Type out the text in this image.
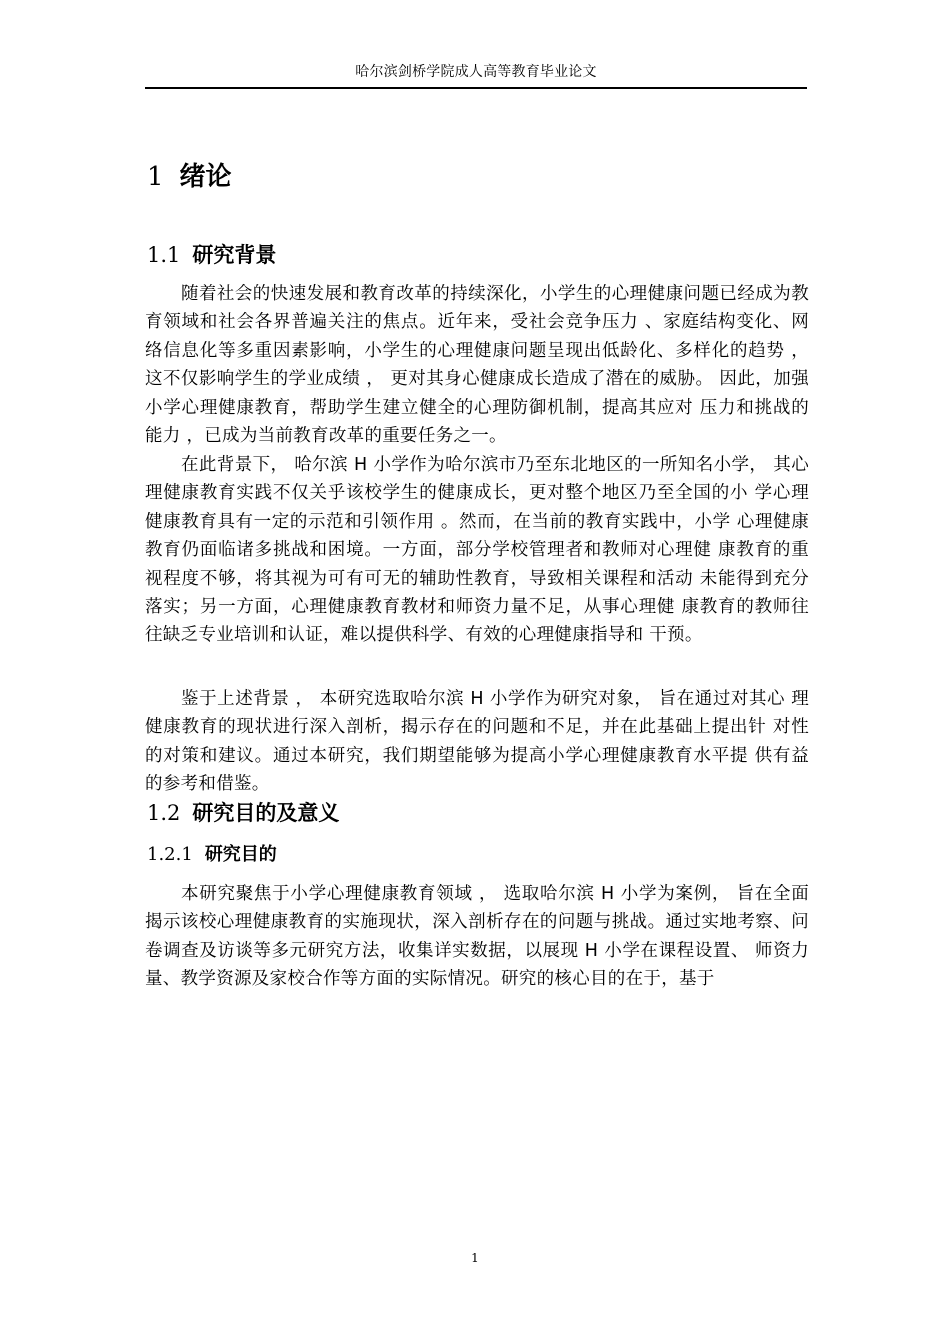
哈尔滨剑桥学院成人高等教育毕业论文
1 绪论
1.1 研究背景

随着社会的快速发展和教育改革的持续深化，小学生的心理健康问题已经成为教育领域和社会各界普遍关注的焦点。近年来，受社会竞争压力 、家庭结构变化、网络信息化等多重因素影响，小学生的心理健康问题呈现出低龄化、多样化的趋势 ， 这不仅影响学生的学业成绩 ， 更对其身心健康成长造成了潜在的威胁。 因此，加强小学心理健康教育，帮助学生建立健全的心理防御机制，提高其应对 压力和挑战的能力 ，已成为当前教育改革的重要任务之一。

在此背景下， 哈尔滨 H 小学作为哈尔滨市乃至东北地区的一所知名小学， 其心理健康教育实践不仅关乎该校学生的健康成长，更对整个地区乃至全国的小 学心理健康教育具有一定的示范和引领作用 。然而，在当前的教育实践中，小学 心理健康教育仍面临诸多挑战和困境。一方面，部分学校管理者和教师对心理健 康教育的重视程度不够，将其视为可有可无的辅助性教育，导致相关课程和活动 未能得到充分落实；另一方面，心理健康教育教材和师资力量不足，从事心理健 康教育的教师往往缺乏专业培训和认证，难以提供科学、有效的心理健康指导和 干预。

鉴于上述背景 ， 本研究选取哈尔滨 H 小学作为研究对象， 旨在通过对其心 理健康教育的现状进行深入剖析，揭示存在的问题和不足，并在此基础上提出针 对性的对策和建议。通过本研究，我们期望能够为提高小学心理健康教育水平提 供有益的参考和借鉴。

1.2 研究目的及意义
1.2.1 研究目的

本研究聚焦于小学心理健康教育领域 ， 选取哈尔滨 H 小学为案例， 旨在全面揭示该校心理健康教育的实施现状，深入剖析存在的问题与挑战。通过实地考察、问卷调查及访谈等多元研究方法，收集详实数据，以展现 H 小学在课程设置、 师资力量、教学资源及家校合作等方面的实际情况。研究的核心目的在于，基于

1
